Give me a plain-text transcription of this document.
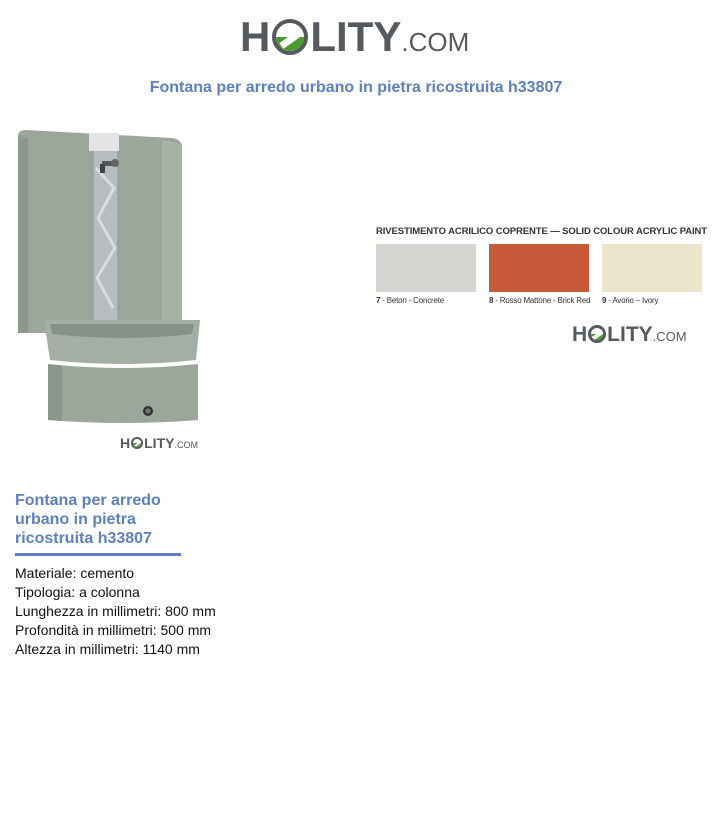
H LITY .COM
Fontana per arredo urbano in pietra ricostruita h33807
H LITY .COM
RIVESTIMENTO ACRILICO COPRENTE — SOLID COLOUR ACRYLIC PAINT
7 - Beton - Concrete	8 - Rosso Mattone - Brick Red 9 - Avorio – Ivory
H LITY .COM
Fontana per arredo urbano in pietra ricostruita h33807
Materiale: cemento
Tipologia: a colonna
Lunghezza in millimetri: 800 mm
Profondità in millimetri: 500 mm
Altezza in millimetri: 1140 mm
